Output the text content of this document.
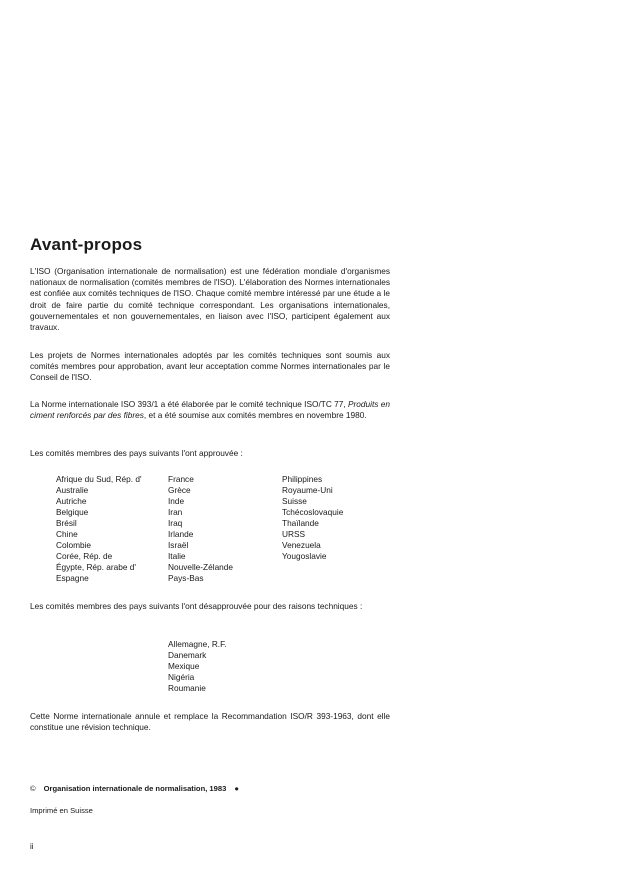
Avant-propos

L'ISO (Organisation internationale de normalisation) est une fédération mondiale d'organismes nationaux de normalisation (comités membres de l'ISO). L'élaboration des Normes internationales est confiée aux comités techniques de l'ISO. Chaque comité membre intéressé par une étude a le droit de faire partie du comité technique correspondant. Les organisations internationales, gouvernementales et non gouvernementales, en liaison avec l'ISO, participent également aux travaux.

Les projets de Normes internationales adoptés par les comités techniques sont soumis aux comités membres pour approbation, avant leur acceptation comme Normes internationales par le Conseil de l'ISO.

La Norme internationale ISO 393/1 a été élaborée par le comité technique ISO/TC 77, Produits en ciment renforcés par des fibres, et a été soumise aux comités membres en novembre 1980.

Les comités membres des pays suivants l'ont approuvée :

Afrique du Sud, Rép. d'
Australie
Autriche
Belgique
Brésil
Chine
Colombie
Corée, Rép. de
Égypte, Rép. arabe d'
Espagne
France
Grèce
Inde
Iran
Iraq
Irlande
Israël
Italie
Nouvelle-Zélande
Pays-Bas
Philippines
Royaume-Uni
Suisse
Tchécoslovaquie
Thaïlande
URSS
Venezuela
Yougoslavie

Les comités membres des pays suivants l'ont désapprouvée pour des raisons techniques :

Allemagne, R.F.
Danemark
Mexique
Nigéria
Roumanie

Cette Norme internationale annule et remplace la Recommandation ISO/R 393-1963, dont elle constitue une révision technique.

© Organisation internationale de normalisation, 1983 ●
Imprimé en Suisse
ii
